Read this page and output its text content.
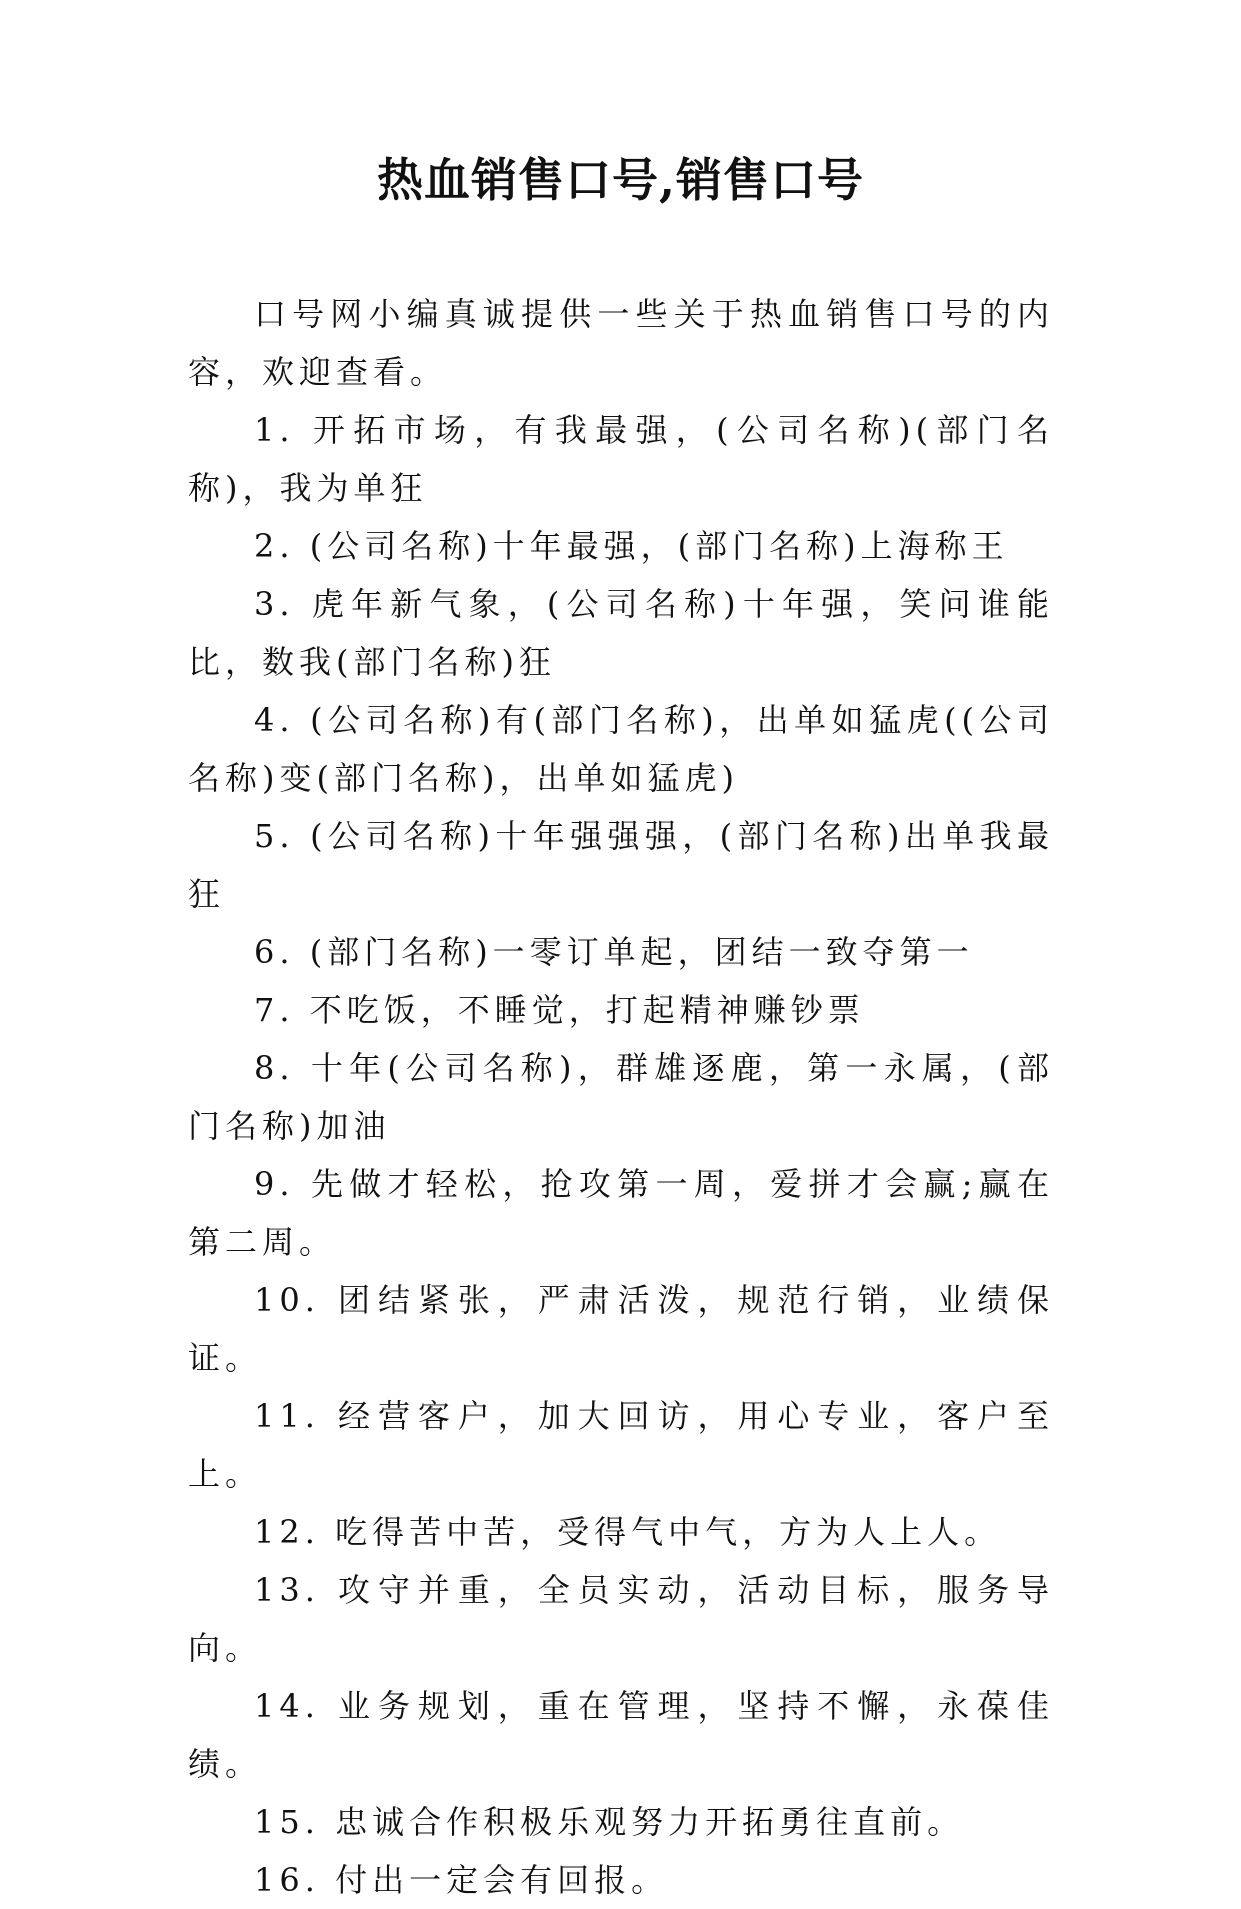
热血销售口号,销售口号

口号网小编真诚提供一些关于热血销售口号的内容，欢迎查看。

1. 开拓市场，有我最强，(公司名称)(部门名称)，我为单狂

2. (公司名称)十年最强，(部门名称)上海称王

3. 虎年新气象，(公司名称)十年强，笑问谁能比，数我(部门名称)狂

4. (公司名称)有(部门名称)，出单如猛虎((公司名称)变(部门名称)，出单如猛虎)

5. (公司名称)十年强强强，(部门名称)出单我最狂

6. (部门名称)一零订单起，团结一致夺第一

7. 不吃饭，不睡觉，打起精神赚钞票

8. 十年(公司名称)，群雄逐鹿，第一永属，(部门名称)加油

9. 先做才轻松，抢攻第一周，爱拼才会赢;赢在第二周。

10. 团结紧张，严肃活泼，规范行销，业绩保证。

11. 经营客户，加大回访，用心专业，客户至上。

12. 吃得苦中苦，受得气中气，方为人上人。

13. 攻守并重，全员实动，活动目标，服务导向。

14. 业务规划，重在管理，坚持不懈，永葆佳绩。

15. 忠诚合作积极乐观努力开拓勇往直前。

16. 付出一定会有回报。
